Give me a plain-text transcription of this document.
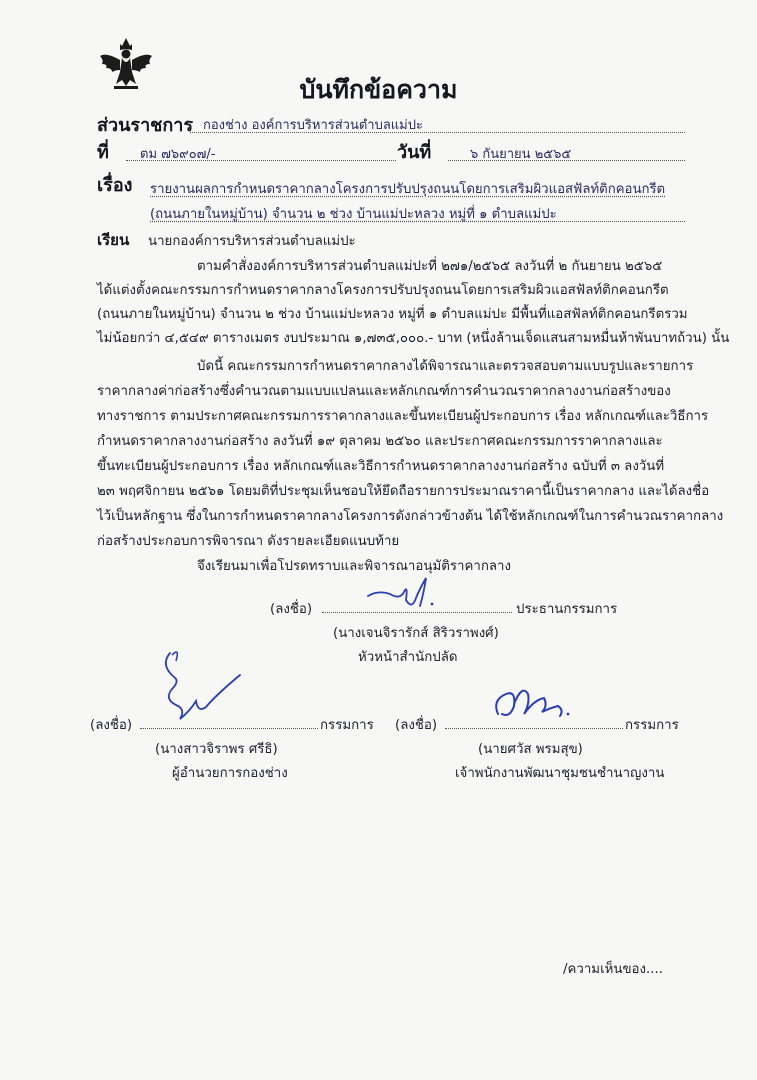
บันทึกข้อความ
ส่วนราชการ กองช่าง องค์การบริหารส่วนตำบลแม่ปะ
ที่ ตม ๗๖๙๐๗/-	วันที่	๖ กันยายน ๒๕๖๕
เรื่อง รายงานผลการกำหนดราคากลางโครงการปรับปรุงถนนโดยการเสริมผิวแอสฟัลท์ติกคอนกรีต
(ถนนภายในหมู่บ้าน) จำนวน ๒ ช่วง บ้านแม่ปะหลวง หมู่ที่ ๑ ตำบลแม่ปะ
เรียน นายกองค์การบริหารส่วนตำบลแม่ปะ
ตามคำสั่งองค์การบริหารส่วนตำบลแม่ปะที่ ๒๗๑/๒๕๖๕ ลงวันที่ ๒ กันยายน ๒๕๖๕
ได้แต่งตั้งคณะกรรมการกำหนดราคากลางโครงการปรับปรุงถนนโดยการเสริมผิวแอสฟัลท์ติกคอนกรีต
(ถนนภายในหมู่บ้าน) จำนวน ๒ ช่วง บ้านแม่ปะหลวง หมู่ที่ ๑ ตำบลแม่ปะ มีพื้นที่แอสฟัลท์ติกคอนกรีตรวม
ไม่น้อยกว่า ๔,๕๔๙ ตารางเมตร งบประมาณ ๑,๗๓๕,๐๐๐.- บาท (หนึ่งล้านเจ็ดแสนสามหมื่นห้าพันบาทถ้วน) นั้น
บัดนี้ คณะกรรมการกำหนดราคากลางได้พิจารณาและตรวจสอบตามแบบรูปและรายการ
ราคากลางค่าก่อสร้างซึ่งคำนวณตามแบบแปลนและหลักเกณฑ์การคำนวณราคากลางงานก่อสร้างของ
ทางราชการ ตามประกาศคณะกรรมการราคากลางและขึ้นทะเบียนผู้ประกอบการ เรื่อง หลักเกณฑ์และวิธีการ
กำหนดราคากลางงานก่อสร้าง ลงวันที่ ๑๙ ตุลาคม ๒๕๖๐ และประกาศคณะกรรมการราคากลางและ
ขึ้นทะเบียนผู้ประกอบการ เรื่อง หลักเกณฑ์และวิธีการกำหนดราคากลางงานก่อสร้าง ฉบับที่ ๓ ลงวันที่
๒๓ พฤศจิกายน ๒๕๖๑ โดยมติที่ประชุมเห็นชอบให้ยึดถือรายการประมาณราคานี้เป็นราคากลาง และได้ลงชื่อ
ไว้เป็นหลักฐาน ซึ่งในการกำหนดราคากลางโครงการดังกล่าวข้างต้น ได้ใช้หลักเกณฑ์ในการคำนวณราคากลาง
ก่อสร้างประกอบการพิจารณา ดังรายละเอียดแนบท้าย
จึงเรียนมาเพื่อโปรดทราบและพิจารณาอนุมัติราคากลาง
(ลงชื่อ)	ประธานกรรมการ
(นางเจนจิรารักส์ สิริวราพงศ์)
หัวหน้าสำนักปลัด
(ลงชื่อ)	กรรมการ
(นางสาวจิราพร ศรีธิ)
ผู้อำนวยการกองช่าง
(ลงชื่อ)	กรรมการ
(นายศวัส พรมสุข)
เจ้าพนักงานพัฒนาชุมชนชำนาญงาน
/ความเห็นของ....
